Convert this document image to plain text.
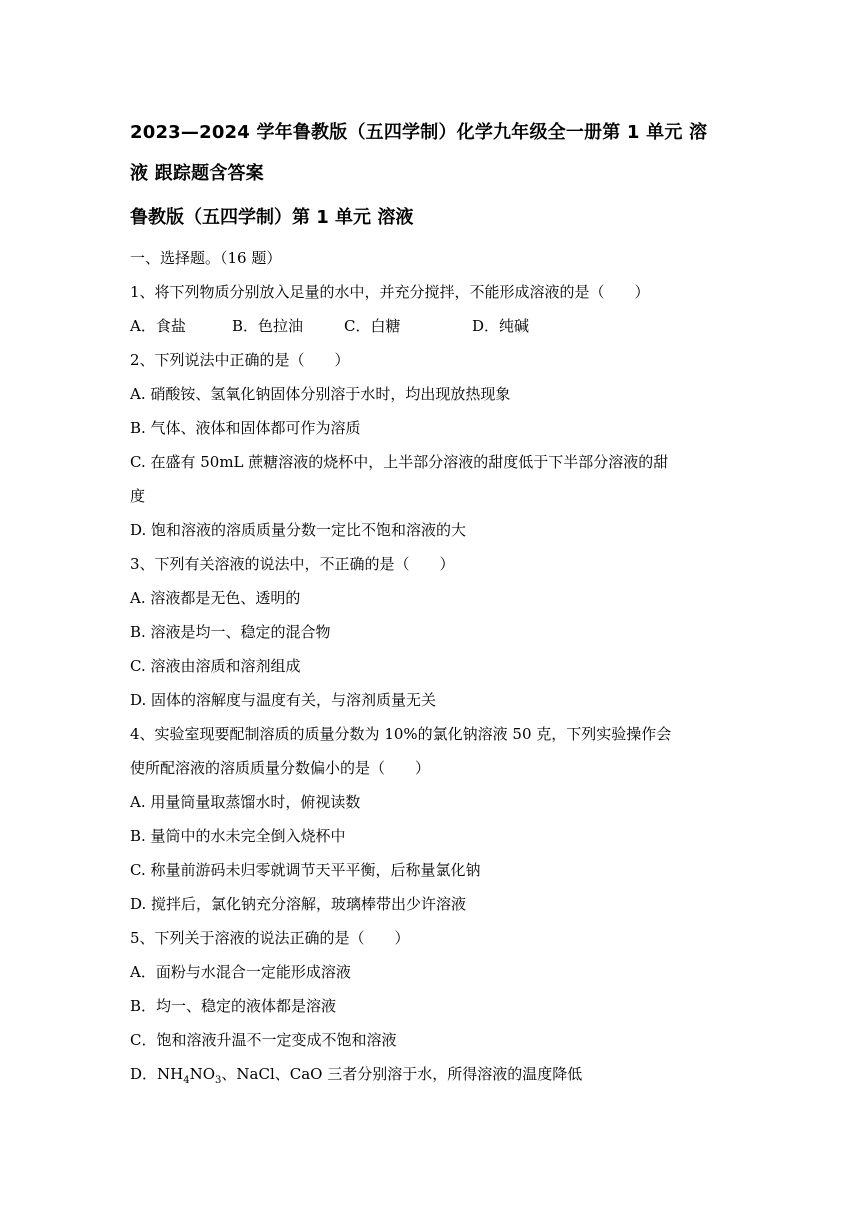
2023—2024 学年鲁教版（五四学制）化学九年级全一册第 1 单元 溶

液 跟踪题含答案

鲁教版（五四学制）第 1 单元 溶液

一、选择题。（16 题）

1、将下列物质分别放入足量的水中，并充分搅拌，不能形成溶液的是（　　）

A．食盐	B．色拉油	C．白糖	D．纯碱

2、下列说法中正确的是（　　）

A. 硝酸铵、氢氧化钠固体分别溶于水时，均出现放热现象

B. 气体、液体和固体都可作为溶质

C. 在盛有 50mL 蔗糖溶液的烧杯中，上半部分溶液的甜度低于下半部分溶液的甜

度

D. 饱和溶液的溶质质量分数一定比不饱和溶液的大

3、下列有关溶液的说法中，不正确的是（　　）

A. 溶液都是无色、透明的

B. 溶液是均一、稳定的混合物

C. 溶液由溶质和溶剂组成

D. 固体的溶解度与温度有关，与溶剂质量无关

4、实验室现要配制溶质的质量分数为 10%的氯化钠溶液 50 克，下列实验操作会

使所配溶液的溶质质量分数偏小的是（　　）

A. 用量筒量取蒸馏水时，俯视读数

B. 量筒中的水未完全倒入烧杯中

C. 称量前游码未归零就调节天平平衡，后称量氯化钠

D. 搅拌后，氯化钠充分溶解，玻璃棒带出少许溶液

5、下列关于溶液的说法正确的是（　　）

A．面粉与水混合一定能形成溶液

B．均一、稳定的液体都是溶液

C．饱和溶液升温不一定变成不饱和溶液

D．$NH_4NO_3$、NaCl、CaO 三者分别溶于水，所得溶液的温度降低
